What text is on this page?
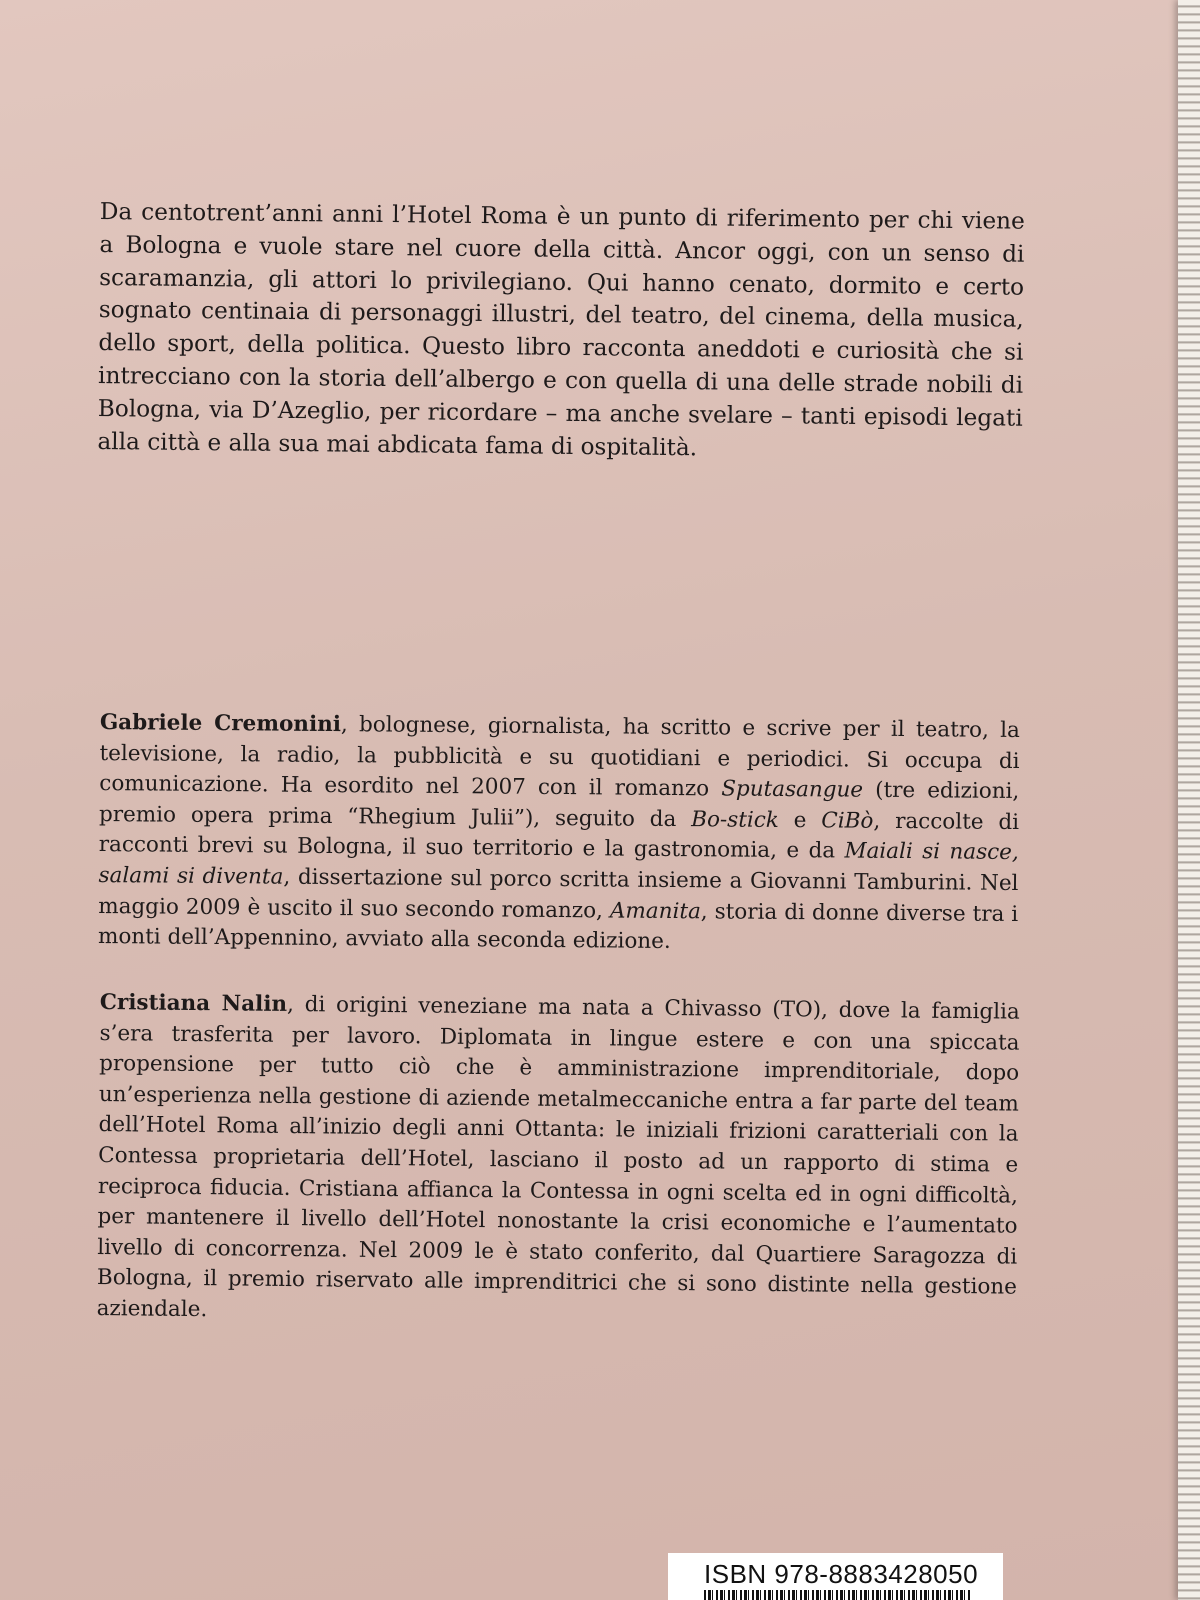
Da centotrent’anni anni l’Hotel Roma è un punto di riferimento per chi viene a Bologna e vuole stare nel cuore della città. Ancor oggi, con un senso di scaramanzia, gli attori lo privilegiano. Qui hanno cenato, dormito e certo sognato centinaia di personaggi illustri, del teatro, del cinema, della musica, dello sport, della politica. Questo libro racconta aneddoti e curiosità che si intrecciano con la storia dell’albergo e con quella di una delle strade nobili di Bologna, via D’Azeglio, per ricordare – ma anche svelare – tanti episodi legati alla città e alla sua mai abdicata fama di ospitalità.

Gabriele Cremonini, bolognese, giornalista, ha scritto e scrive per il teatro, la televisione, la radio, la pubblicità e su quotidiani e periodici. Si occupa di comunicazione. Ha esordito nel 2007 con il romanzo Sputasangue (tre edizioni, premio opera prima “Rhegium Julii”), seguito da Bo-stick e CiBò, raccolte di racconti brevi su Bologna, il suo territorio e la gastronomia, e da Maiali si nasce, salami si diventa, dissertazione sul porco scritta insieme a Giovanni Tamburini. Nel maggio 2009 è uscito il suo secondo romanzo, Amanita, storia di donne diverse tra i monti dell’Appennino, avviato alla seconda edizione.

Cristiana Nalin, di origini veneziane ma nata a Chivasso (TO), dove la famiglia s’era trasferita per lavoro. Diplomata in lingue estere e con una spiccata propensione per tutto ciò che è amministrazione imprenditoriale, dopo un’esperienza nella gestione di aziende metalmeccaniche entra a far parte del team dell’Hotel Roma all’inizio degli anni Ottanta: le iniziali frizioni caratteriali con la Contessa proprietaria dell’Hotel, lasciano il posto ad un rapporto di stima e reciproca fiducia. Cristiana affianca la Contessa in ogni scelta ed in ogni difficoltà, per mantenere il livello dell’Hotel nonostante la crisi economiche e l’aumentato livello di concorrenza. Nel 2009 le è stato conferito, dal Quartiere Saragozza di Bologna, il premio riservato alle imprenditrici che si sono distinte nella gestione aziendale.

ISBN 978-8883428050
